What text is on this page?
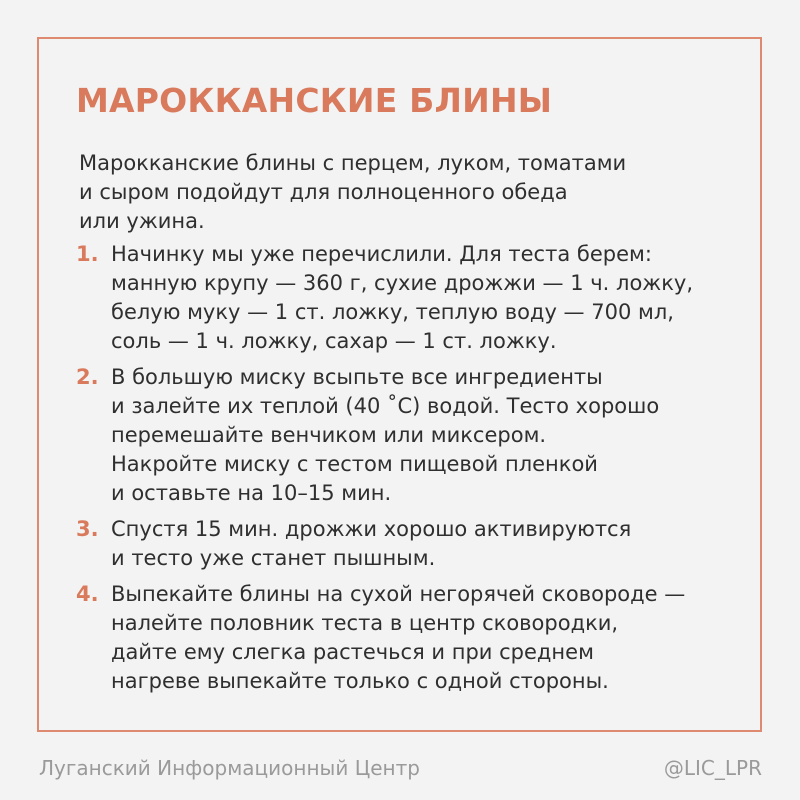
МАРОККАНСКИЕ БЛИНЫ
Марокканские блины с перцем, луком, томатами
и сыром подойдут для полноценного обеда
или ужина.
1. Начинку мы уже перечислили. Для теста берем:
манную крупу — 360 г, сухие дрожжи — 1 ч. ложку,
белую муку — 1 ст. ложку, теплую воду — 700 мл,
соль — 1 ч. ложку, сахар — 1 ст. ложку.
2. В большую миску всыпьте все ингредиенты
и залейте их теплой (40 ˚С) водой. Тесто хорошо
перемешайте венчиком или миксером.
Накройте миску с тестом пищевой пленкой
и оставьте на 10–15 мин.
3. Спустя 15 мин. дрожжи хорошо активируются
и тесто уже станет пышным.
4. Выпекайте блины на сухой негорячей сковороде —
налейте половник теста в центр сковородки,
дайте ему слегка растечься и при среднем
нагреве выпекайте только с одной стороны.
Луганский Информационный Центр	@LIC_LPR
